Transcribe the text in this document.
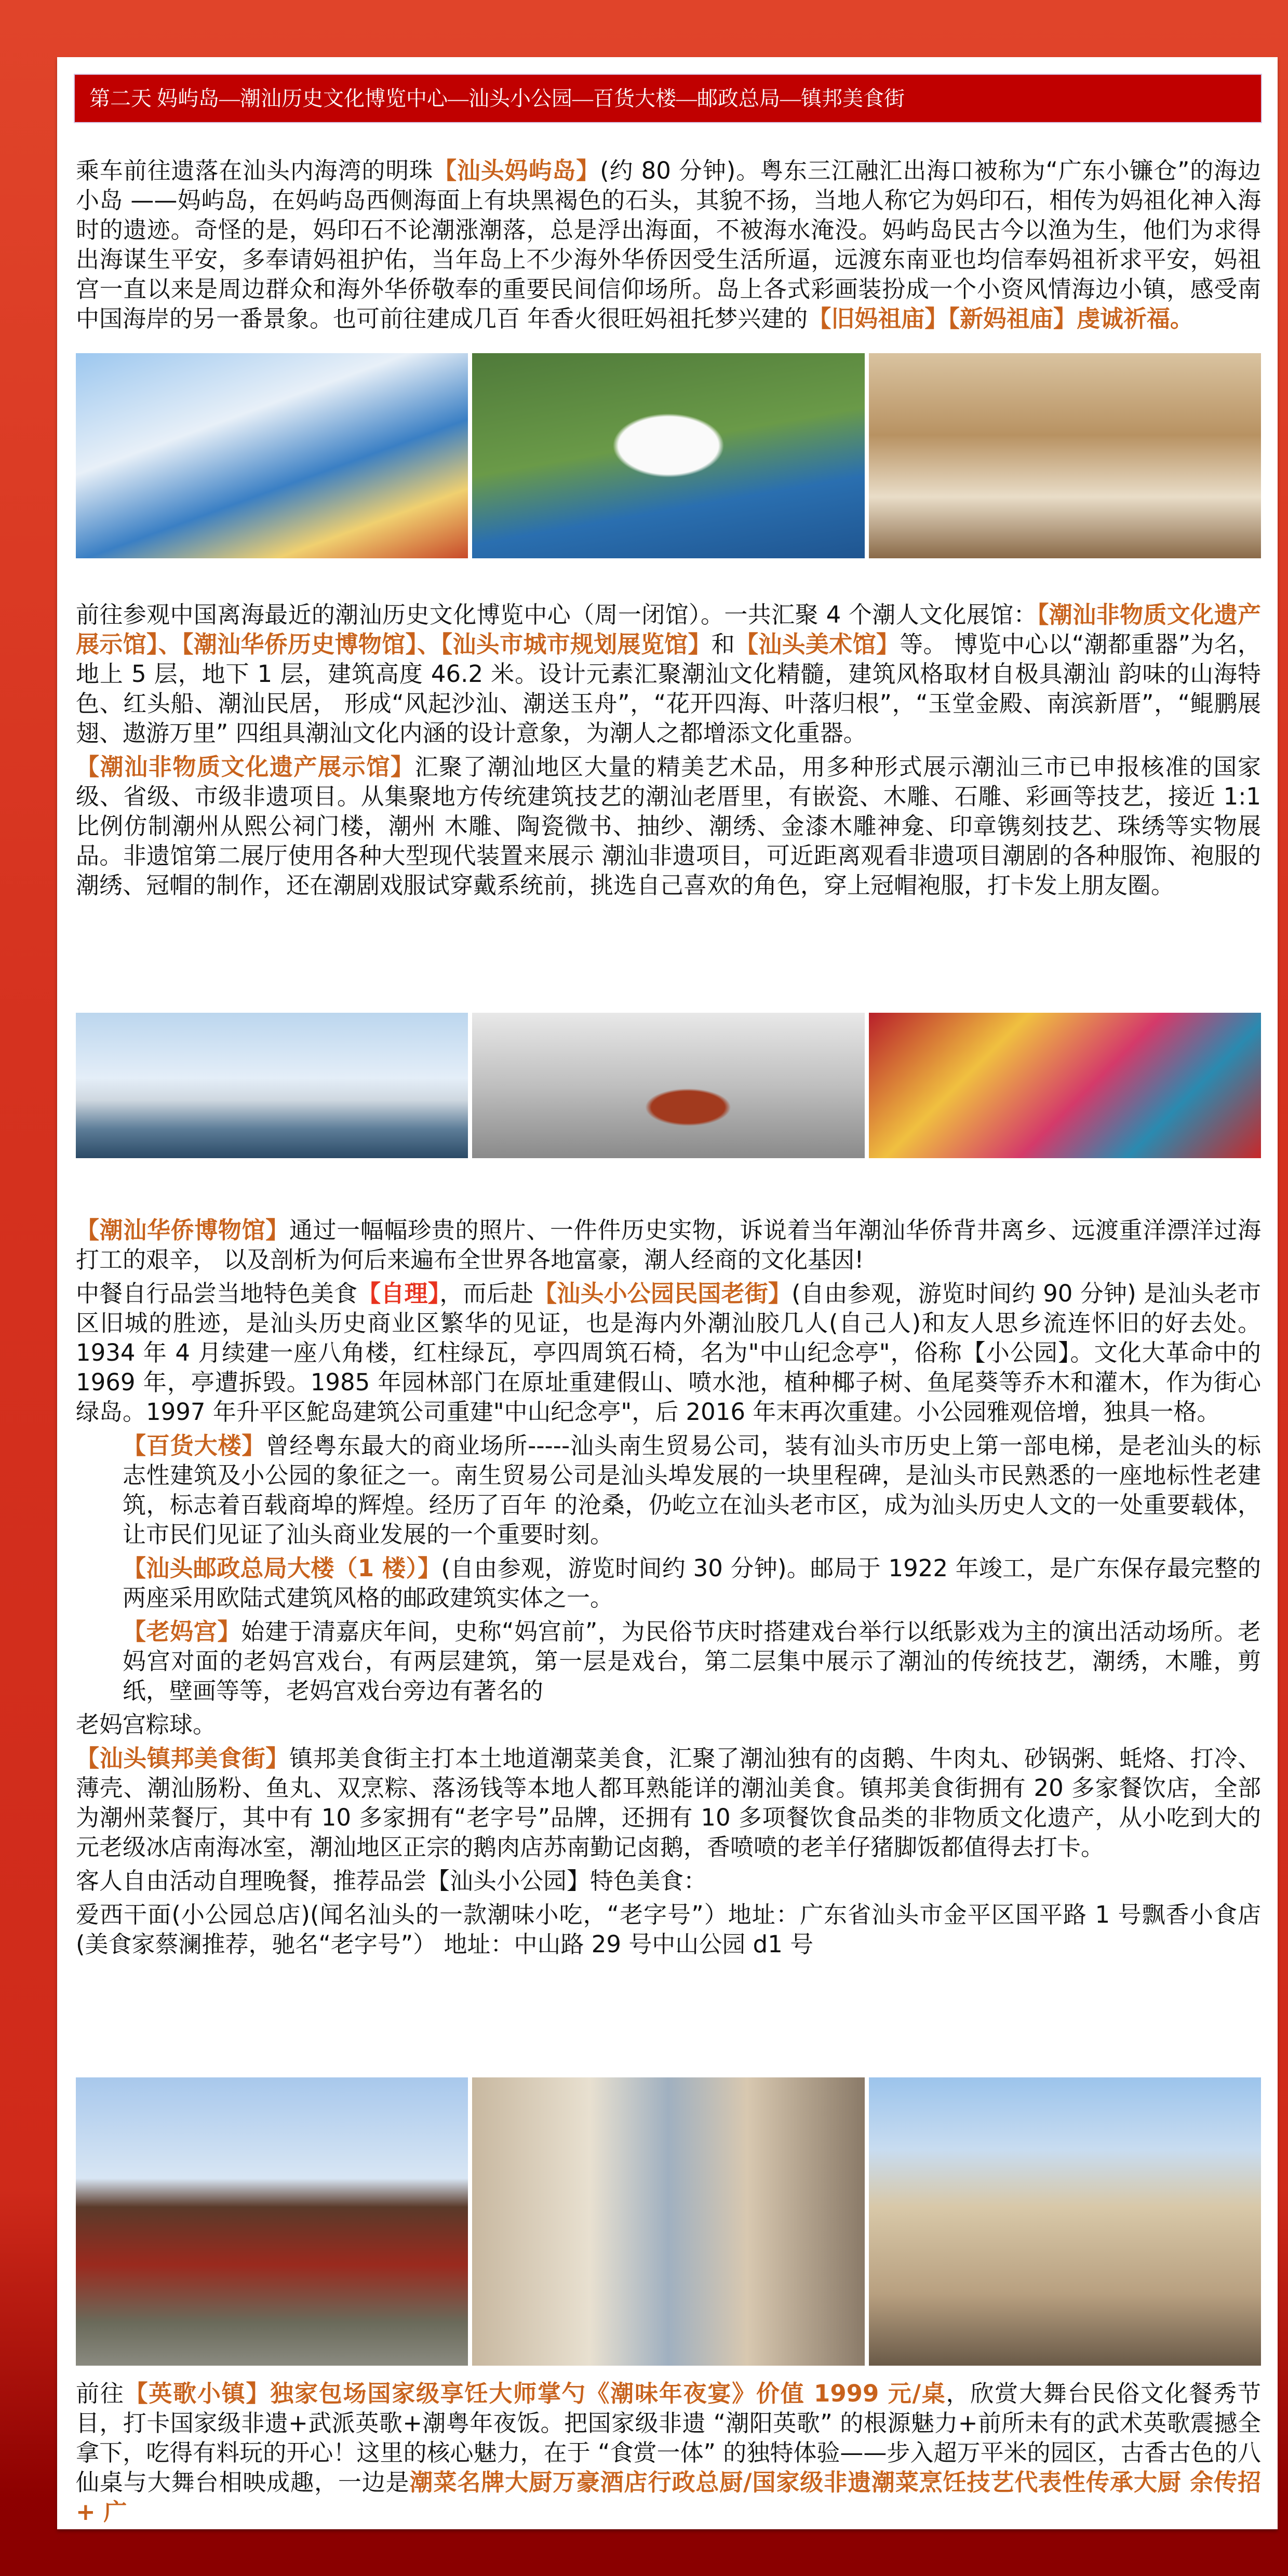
第二天 妈屿岛—潮汕历史文化博览中心—汕头小公园—百货大楼—邮政总局—镇邦美食街

乘车前往遗落在汕头内海湾的明珠【汕头妈屿岛】(约 80 分钟)。粤东三江融汇出海口被称为“广东小镰仓”的海边小岛 ——妈屿岛，在妈屿岛西侧海面上有块黑褐色的石头，其貌不扬，当地人称它为妈印石，相传为妈祖化神入海时的遗迹。奇怪的是，妈印石不论潮涨潮落，总是浮出海面，不被海水淹没。妈屿岛民古今以渔为生，他们为求得出海谋生平安，多奉请妈祖护佑，当年岛上不少海外华侨因受生活所逼，远渡东南亚也均信奉妈祖祈求平安，妈祖宫一直以来是周边群众和海外华侨敬奉的重要民间信仰场所。岛上各式彩画装扮成一个小资风情海边小镇，感受南中国海岸的另一番景象。也可前往建成几百 年香火很旺妈祖托梦兴建的【旧妈祖庙】【新妈祖庙】虔诚祈福。

前往参观中国离海最近的潮汕历史文化博览中心（周一闭馆）。一共汇聚 4 个潮人文化展馆：【潮汕非物质文化遗产展示馆】、【潮汕华侨历史博物馆】、【汕头市城市规划展览馆】和【汕头美术馆】等。 博览中心以“潮都重器”为名，地上 5 层，地下 1 层，建筑高度 46.2 米。设计元素汇聚潮汕文化精髓，建筑风格取材自极具潮汕 韵味的山海特色、红头船、潮汕民居， 形成“风起沙汕、潮送玉舟”，“花开四海、叶落归根”，“玉堂金殿、南滨新厝”，“鲲鹏展翅、遨游万里” 四组具潮汕文化内涵的设计意象，为潮人之都增添文化重器。

【潮汕非物质文化遗产展示馆】汇聚了潮汕地区大量的精美艺术品，用多种形式展示潮汕三市已申报核准的国家级、省级、市级非遗项目。从集聚地方传统建筑技艺的潮汕老厝里，有嵌瓷、木雕、石雕、彩画等技艺，接近 1:1 比例仿制潮州从熙公祠门楼，潮州 木雕、陶瓷微书、抽纱、潮绣、金漆木雕神龛、印章镌刻技艺、珠绣等实物展品。非遗馆第二展厅使用各种大型现代装置来展示 潮汕非遗项目，可近距离观看非遗项目潮剧的各种服饰、袍服的潮绣、冠帽的制作，还在潮剧戏服试穿戴系统前，挑选自己喜欢的角色，穿上冠帽袍服，打卡发上朋友圈。

【潮汕华侨博物馆】通过一幅幅珍贵的照片、一件件历史实物，诉说着当年潮汕华侨背井离乡、远渡重洋漂洋过海打工的艰辛， 以及剖析为何后来遍布全世界各地富豪，潮人经商的文化基因!

中餐自行品尝当地特色美食【自理】，而后赴【汕头小公园民国老街】(自由参观，游览时间约 90 分钟) 是汕头老市区旧城的胜迹，是汕头历史商业区繁华的见证，也是海内外潮汕胶几人(自己人)和友人思乡流连怀旧的好去处。1934 年 4 月续建一座八角楼，红柱绿瓦，亭四周筑石椅，名为"中山纪念亭"，俗称【小公园】。文化大革命中的 1969 年，亭遭拆毁。1985 年园林部门在原址重建假山、喷水池，植种椰子树、鱼尾葵等乔木和灌木，作为街心绿岛。1997 年升平区鮀岛建筑公司重建"中山纪念亭"，后 2016 年末再次重建。小公园雅观倍增，独具一格。

【百货大楼】曾经粤东最大的商业场所-----汕头南生贸易公司，装有汕头市历史上第一部电梯，是老汕头的标志性建筑及小公园的象征之一。南生贸易公司是汕头埠发展的一块里程碑，是汕头市民熟悉的一座地标性老建筑，标志着百载商埠的辉煌。经历了百年 的沧桑，仍屹立在汕头老市区，成为汕头历史人文的一处重要载体，让市民们见证了汕头商业发展的一个重要时刻。

【汕头邮政总局大楼（1 楼）】(自由参观，游览时间约 30 分钟)。邮局于 1922 年竣工，是广东保存最完整的两座采用欧陆式建筑风格的邮政建筑实体之一。

【老妈宫】始建于清嘉庆年间，史称“妈宫前”，为民俗节庆时搭建戏台举行以纸影戏为主的演出活动场所。老妈宫对面的老妈宫戏台，有两层建筑，第一层是戏台，第二层集中展示了潮汕的传统技艺，潮绣，木雕，剪纸，壁画等等，老妈宫戏台旁边有著名的

老妈宫粽球。

【汕头镇邦美食街】镇邦美食街主打本土地道潮菜美食，汇聚了潮汕独有的卤鹅、牛肉丸、砂锅粥、蚝烙、打冷、薄壳、潮汕肠粉、鱼丸、双烹粽、落汤钱等本地人都耳熟能详的潮汕美食。镇邦美食街拥有 20 多家餐饮店，全部为潮州菜餐厅，其中有 10 多家拥有“老字号”品牌，还拥有 10 多项餐饮食品类的非物质文化遗产，从小吃到大的元老级冰店南海冰室，潮汕地区正宗的鹅肉店苏南勤记卤鹅，香喷喷的老羊仔猪脚饭都值得去打卡。

客人自由活动自理晚餐，推荐品尝【汕头小公园】特色美食：

爱西干面(小公园总店)(闻名汕头的一款潮味小吃，“老字号”）地址：广东省汕头市金平区国平路 1 号飘香小食店(美食家蔡澜推荐，驰名“老字号”） 地址：中山路 29 号中山公园 d1 号

前往【英歌小镇】独家包场国家级享饪大师掌勺《潮味年夜宴》价值 1999 元/桌，欣赏大舞台民俗文化餐秀节目，打卡国家级非遗+武派英歌+潮粤年夜饭。把国家级非遗 “潮阳英歌” 的根源魅力+前所未有的武术英歌震撼全拿下，吃得有料玩的开心！这里的核心魅力，在于 “食赏一体” 的独特体验——步入超万平米的园区，古香古色的八仙桌与大舞台相映成趣，一边是潮菜名牌大厨万豪酒店行政总厨/国家级非遗潮菜烹饪技艺代表性传承大厨 余传招 + 广
